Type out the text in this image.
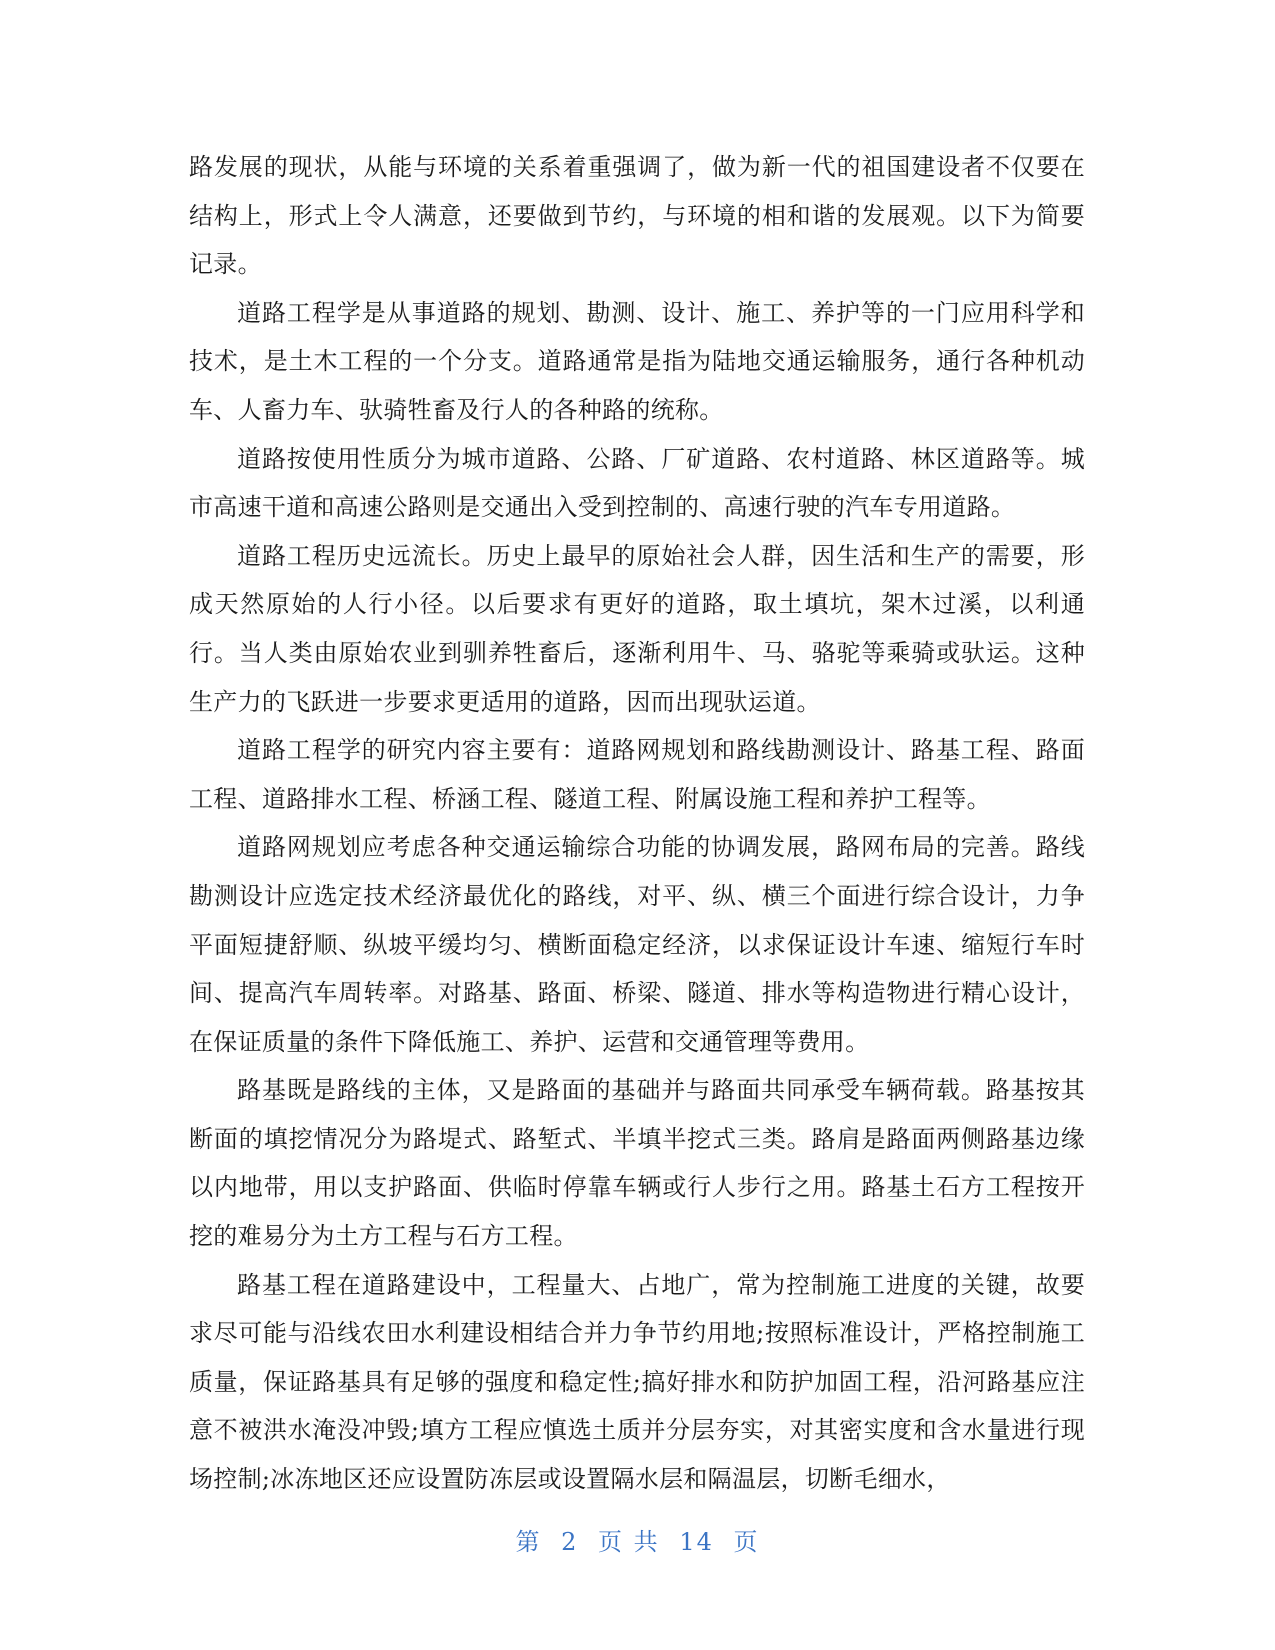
路发展的现状，从能与环境的关系着重强调了，做为新一代的祖国建设者不仅要在结构上，形式上令人满意，还要做到节约，与环境的相和谐的发展观。以下为简要记录。

道路工程学是从事道路的规划、勘测、设计、施工、养护等的一门应用科学和技术，是土木工程的一个分支。道路通常是指为陆地交通运输服务，通行各种机动车、人畜力车、驮骑牲畜及行人的各种路的统称。

道路按使用性质分为城市道路、公路、厂矿道路、农村道路、林区道路等。城市高速干道和高速公路则是交通出入受到控制的、高速行驶的汽车专用道路。

道路工程历史远流长。历史上最早的原始社会人群，因生活和生产的需要，形成天然原始的人行小径。以后要求有更好的道路，取土填坑，架木过溪，以利通行。当人类由原始农业到驯养牲畜后，逐渐利用牛、马、骆驼等乘骑或驮运。这种生产力的飞跃进一步要求更适用的道路，因而出现驮运道。

道路工程学的研究内容主要有：道路网规划和路线勘测设计、路基工程、路面工程、道路排水工程、桥涵工程、隧道工程、附属设施工程和养护工程等。

道路网规划应考虑各种交通运输综合功能的协调发展，路网布局的完善。路线勘测设计应选定技术经济最优化的路线，对平、纵、横三个面进行综合设计，力争平面短捷舒顺、纵坡平缓均匀、横断面稳定经济，以求保证设计车速、缩短行车时间、提高汽车周转率。对路基、路面、桥梁、隧道、排水等构造物进行精心设计，在保证质量的条件下降低施工、养护、运营和交通管理等费用。

路基既是路线的主体，又是路面的基础并与路面共同承受车辆荷载。路基按其断面的填挖情况分为路堤式、路堑式、半填半挖式三类。路肩是路面两侧路基边缘以内地带，用以支护路面、供临时停靠车辆或行人步行之用。路基土石方工程按开挖的难易分为土方工程与石方工程。

路基工程在道路建设中，工程量大、占地广，常为控制施工进度的关键，故要求尽可能与沿线农田水利建设相结合并力争节约用地;按照标准设计，严格控制施工质量，保证路基具有足够的强度和稳定性;搞好排水和防护加固工程，沿河路基应注意不被洪水淹没冲毁;填方工程应慎选土质并分层夯实，对其密实度和含水量进行现场控制;冰冻地区还应设置防冻层或设置隔水层和隔温层，切断毛细水，

第 2 页 共 14 页
